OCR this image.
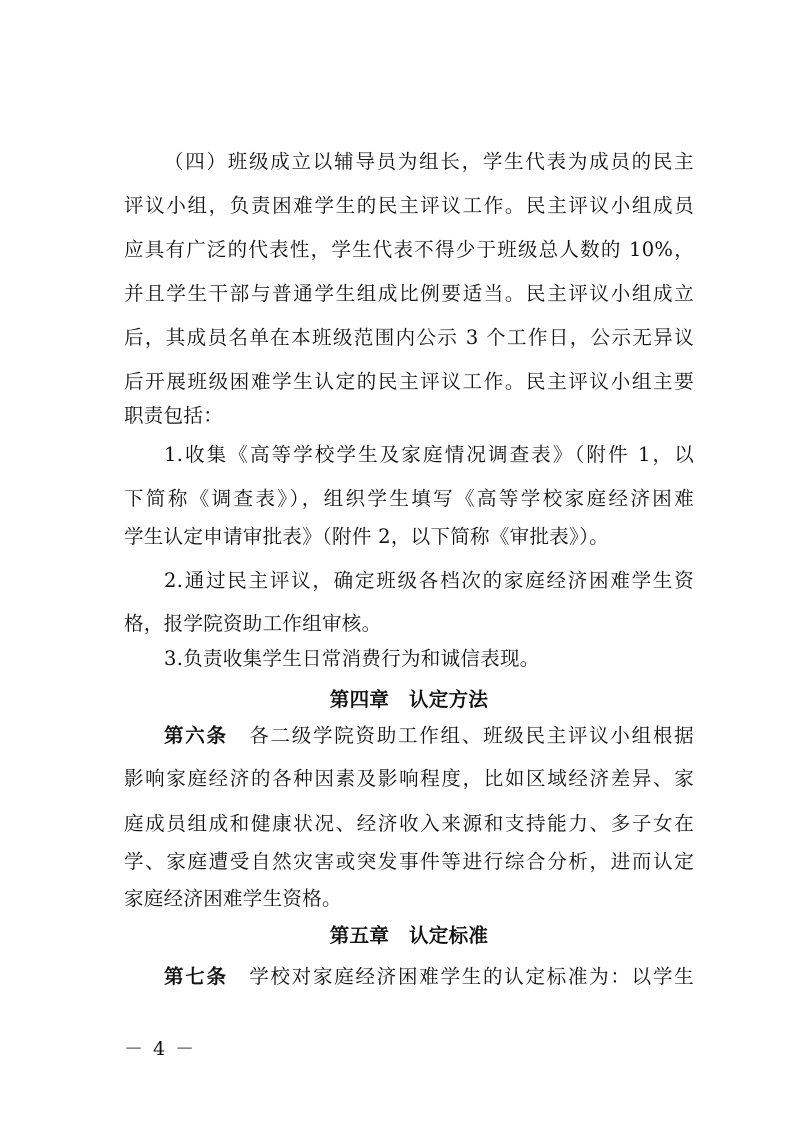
（四）班级成立以辅导员为组长，学生代表为成员的民主
评议小组，负责困难学生的民主评议工作。民主评议小组成员
应具有广泛的代表性，学生代表不得少于班级总人数的 10%，
并且学生干部与普通学生组成比例要适当。民主评议小组成立
后，其成员名单在本班级范围内公示 3 个工作日，公示无异议
后开展班级困难学生认定的民主评议工作。民主评议小组主要
职责包括：
1.收集《高等学校学生及家庭情况调查表》（附件 1，以
下简称《调查表》），组织学生填写《高等学校家庭经济困难
学生认定申请审批表》（附件 2，以下简称《审批表》）。
2.通过民主评议，确定班级各档次的家庭经济困难学生资
格，报学院资助工作组审核。
3.负责收集学生日常消费行为和诚信表现。
第四章　认定方法
第六条 各二级学院资助工作组、班级民主评议小组根据
影响家庭经济的各种因素及影响程度，比如区域经济差异、家
庭成员组成和健康状况、经济收入来源和支持能力、多子女在
学、家庭遭受自然灾害或突发事件等进行综合分析，进而认定
家庭经济困难学生资格。
第五章　认定标准
第七条 学校对家庭经济困难学生的认定标准为：以学生
－ 4 －
